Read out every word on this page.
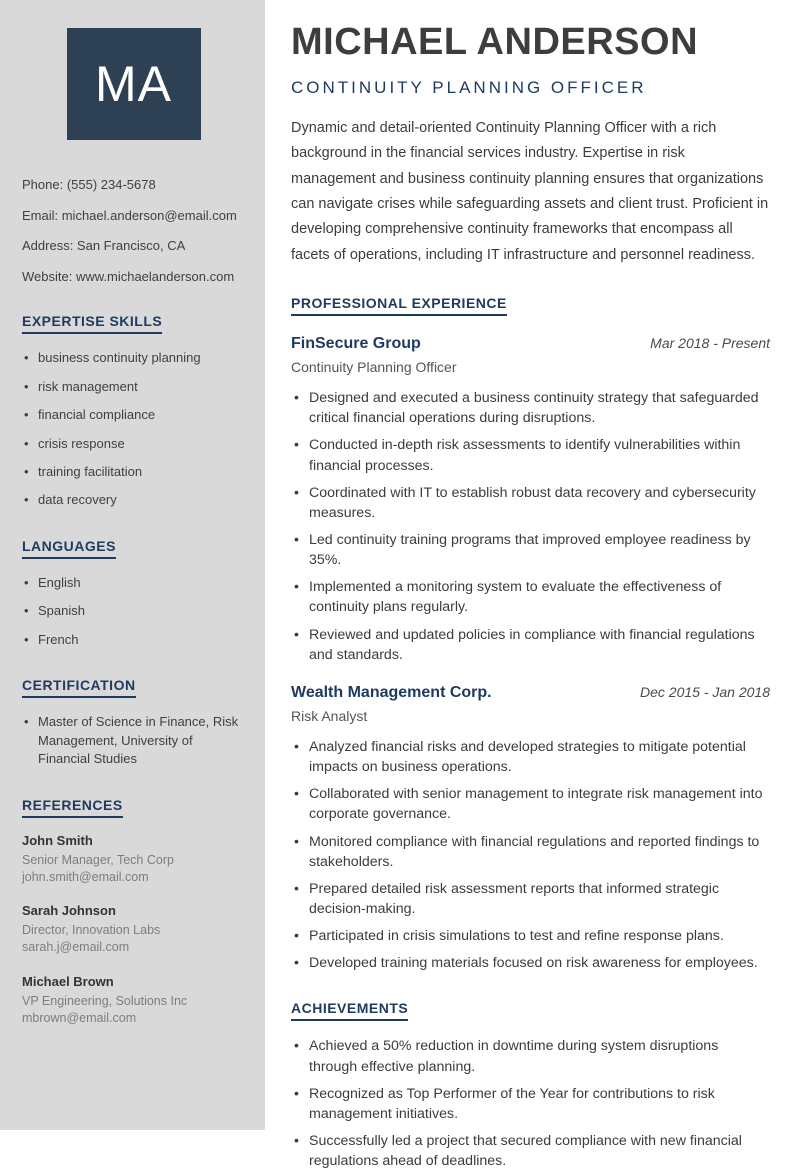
MA
Phone: (555) 234-5678
Email: michael.anderson@email.com
Address: San Francisco, CA
Website: www.michaelanderson.com
EXPERTISE SKILLS
• business continuity planning
• risk management
• financial compliance
• crisis response
• training facilitation
• data recovery
LANGUAGES
• English
• Spanish
• French
CERTIFICATION
• Master of Science in Finance, Risk Management, University of Financial Studies
REFERENCES
John Smith
Senior Manager, Tech Corp
john.smith@email.com
Sarah Johnson
Director, Innovation Labs
sarah.j@email.com
Michael Brown
VP Engineering, Solutions Inc
mbrown@email.com
MICHAEL ANDERSON
CONTINUITY PLANNING OFFICER

Dynamic and detail-oriented Continuity Planning Officer with a rich background in the financial services industry. Expertise in risk management and business continuity planning ensures that organizations can navigate crises while safeguarding assets and client trust. Proficient in developing comprehensive continuity frameworks that encompass all facets of operations, including IT infrastructure and personnel readiness.

PROFESSIONAL EXPERIENCE
FinSecure Group	Mar 2018 - Present
Continuity Planning Officer
• Designed and executed a business continuity strategy that safeguarded critical financial operations during disruptions.
• Conducted in-depth risk assessments to identify vulnerabilities within financial processes.
• Coordinated with IT to establish robust data recovery and cybersecurity measures.
• Led continuity training programs that improved employee readiness by 35%.
• Implemented a monitoring system to evaluate the effectiveness of continuity plans regularly.
• Reviewed and updated policies in compliance with financial regulations and standards.
Wealth Management Corp.	Dec 2015 - Jan 2018
Risk Analyst
• Analyzed financial risks and developed strategies to mitigate potential impacts on business operations.
• Collaborated with senior management to integrate risk management into corporate governance.
• Monitored compliance with financial regulations and reported findings to stakeholders.
• Prepared detailed risk assessment reports that informed strategic decision-making.
• Participated in crisis simulations to test and refine response plans.
• Developed training materials focused on risk awareness for employees.
ACHIEVEMENTS
• Achieved a 50% reduction in downtime during system disruptions through effective planning.
• Recognized as Top Performer of the Year for contributions to risk management initiatives.
• Successfully led a project that secured compliance with new financial regulations ahead of deadlines.
